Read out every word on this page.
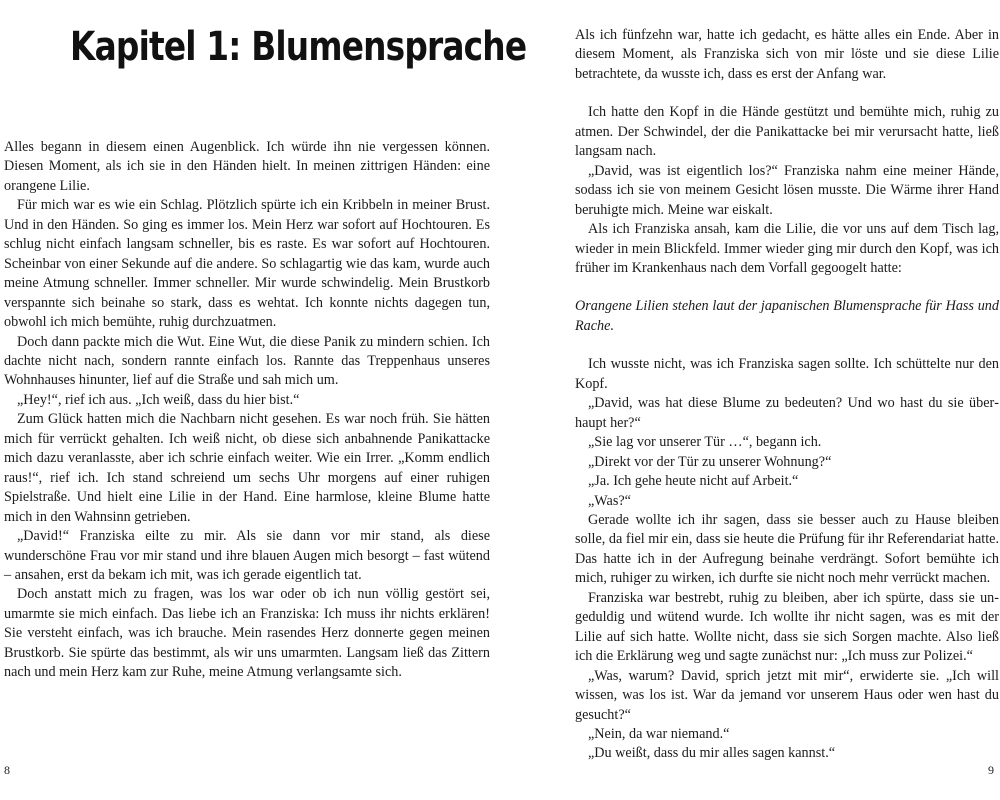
Kapitel 1: Blumensprache

Alles begann in diesem einen Augenblick. Ich würde ihn nie vergessen können. Diesen Moment, als ich sie in den Händen hielt. In meinen zittrigen Händen: eine orangene Lilie.

Für mich war es wie ein Schlag. Plötzlich spürte ich ein Kribbeln in meiner Brust. Und in den Händen. So ging es immer los. Mein Herz war sofort auf Hochtouren. Es schlug nicht einfach langsam schneller, bis es raste. Es war sofort auf Hochtouren. Scheinbar von einer Sekunde auf die andere. So schlagartig wie das kam, wurde auch meine Atmung schneller. Immer schneller. Mir wurde schwindelig. Mein Brustkorb verspannte sich beinahe so stark, dass es wehtat. Ich konnte nichts dagegen tun, obwohl ich mich bemühte, ruhig durchzuatmen.

Doch dann packte mich die Wut. Eine Wut, die diese Panik zu mindern schien. Ich dachte nicht nach, sondern rannte einfach los. Rannte das Treppenhaus unseres Wohnhauses hinunter, lief auf die Straße und sah mich um.

„Hey!“, rief ich aus. „Ich weiß, dass du hier bist.“

Zum Glück hatten mich die Nachbarn nicht gesehen. Es war noch früh. Sie hätten mich für verrückt gehalten. Ich weiß nicht, ob diese sich anbahnende Panikattacke mich dazu veranlasste, aber ich schrie einfach weiter. Wie ein Irrer. „Komm endlich raus!“, rief ich. Ich stand schreiend um sechs Uhr morgens auf einer ruhigen Spielstraße. Und hielt eine Lilie in der Hand. Eine harmlose, kleine Blume hatte mich in den Wahnsinn getrieben.

„David!“ Franziska eilte zu mir. Als sie dann vor mir stand, als diese wunderschöne Frau vor mir stand und ihre blauen Augen mich besorgt – fast wütend – ansahen, erst da bekam ich mit, was ich gerade eigentlich tat.

Doch anstatt mich zu fragen, was los war oder ob ich nun völlig gestört sei, umarmte sie mich einfach. Das liebe ich an Franziska: Ich muss ihr nichts erklären! Sie versteht einfach, was ich brauche. Mein rasendes Herz donnerte gegen meinen Brustkorb. Sie spürte das bestimmt, als wir uns umarmten. Langsam ließ das Zittern nach und mein Herz kam zur Ruhe, meine Atmung verlangsamte sich.

8

Als ich fünfzehn war, hatte ich gedacht, es hätte alles ein Ende. Aber in diesem Moment, als Franziska sich von mir löste und sie diese Lilie betrachtete, da wusste ich, dass es erst der Anfang war.

Ich hatte den Kopf in die Hände gestützt und bemühte mich, ruhig zu atmen. Der Schwindel, der die Panikattacke bei mir verursacht hatte, ließ langsam nach.

„David, was ist eigentlich los?“ Franziska nahm eine meiner Hände, sodass ich sie von meinem Gesicht lösen musste. Die Wärme ihrer Hand beruhigte mich. Meine war eiskalt.

Als ich Franziska ansah, kam die Lilie, die vor uns auf dem Tisch lag, wieder in mein Blickfeld. Immer wieder ging mir durch den Kopf, was ich früher im Krankenhaus nach dem Vorfall gegoogelt hatte:

Orangene Lilien stehen laut der japanischen Blumensprache für Hass und Rache.

Ich wusste nicht, was ich Franziska sagen sollte. Ich schüttelte nur den Kopf.

„David, was hat diese Blume zu bedeuten? Und wo hast du sie überhaupt her?“

„Sie lag vor unserer Tür …“, begann ich.

„Direkt vor der Tür zu unserer Wohnung?“

„Ja. Ich gehe heute nicht auf Arbeit.“

„Was?“

Gerade wollte ich ihr sagen, dass sie besser auch zu Hause bleiben solle, da fiel mir ein, dass sie heute die Prüfung für ihr Referendariat hatte. Das hatte ich in der Aufregung beinahe verdrängt. Sofort bemühte ich mich, ruhiger zu wirken, ich durfte sie nicht noch mehr verrückt machen.

Franziska war bestrebt, ruhig zu bleiben, aber ich spürte, dass sie ungeduldig und wütend wurde. Ich wollte ihr nicht sagen, was es mit der Lilie auf sich hatte. Wollte nicht, dass sie sich Sorgen machte. Also ließ ich die Erklärung weg und sagte zunächst nur: „Ich muss zur Polizei.“

„Was, warum? David, sprich jetzt mit mir“, erwiderte sie. „Ich will wissen, was los ist. War da jemand vor unserem Haus oder wen hast du gesucht?“

„Nein, da war niemand.“

„Du weißt, dass du mir alles sagen kannst.“

9
